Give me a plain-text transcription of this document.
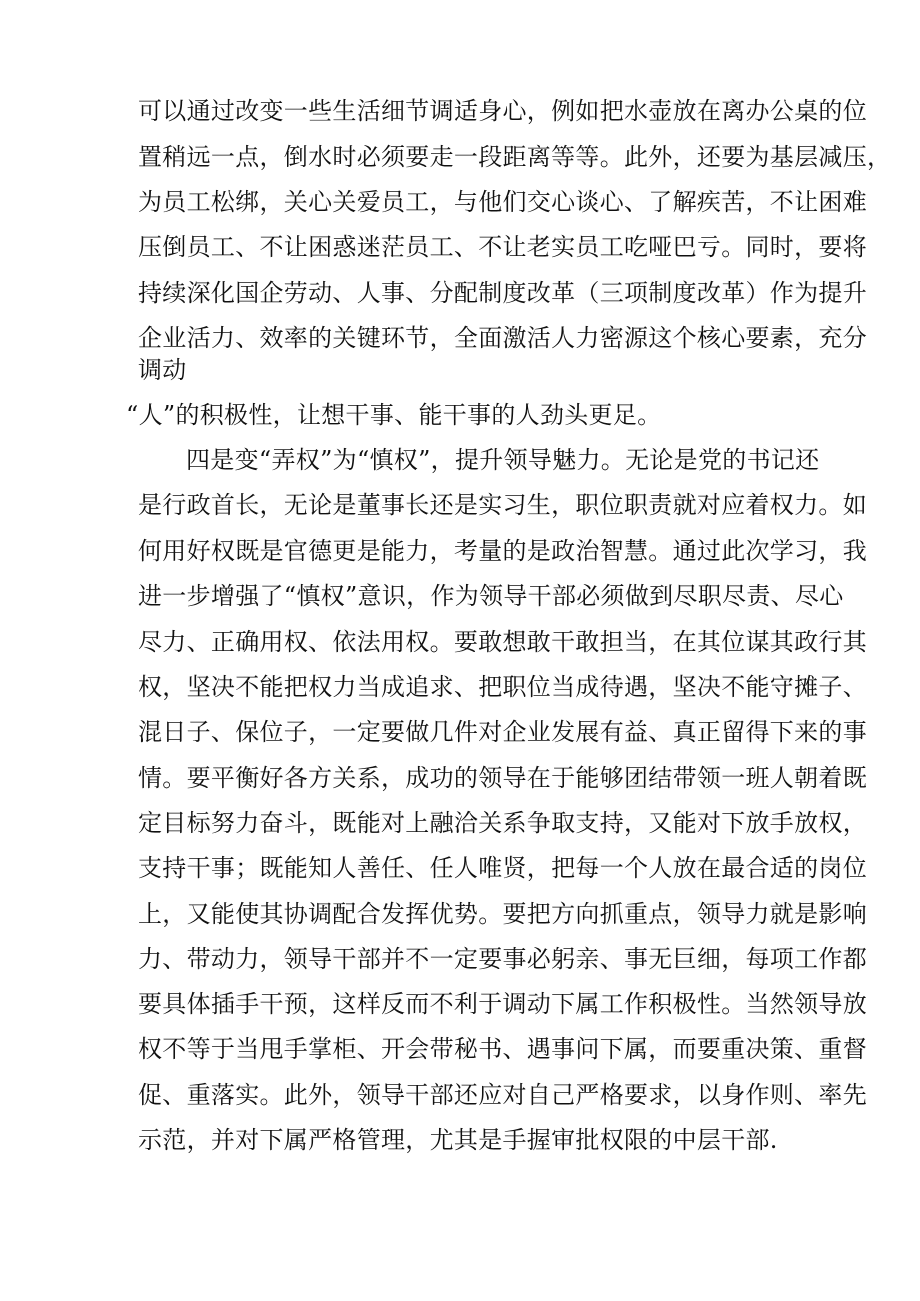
可以通过改变一些生活细节调适身心，例如把水壶放在离办公桌的位
置稍远一点，倒水时必须要走一段距离等等。此外，还要为基层减压，
为员工松绑，关心关爱员工，与他们交心谈心、了解疾苦，不让困难
压倒员工、不让困惑迷茫员工、不让老实员工吃哑巴亏。同时，要将
持续深化国企劳动、人事、分配制度改革（三项制度改革）作为提升
企业活力、效率的关键环节，全面激活人力密源这个核心要素，充分
调动
“人”的积极性，让想干事、能干事的人劲头更足。
四是变“弄权”为“慎权”，提升领导魅力。无论是党的书记还
是行政首长，无论是董事长还是实习生，职位职责就对应着权力。如
何用好权既是官德更是能力，考量的是政治智慧。通过此次学习，我
进一步增强了“慎权”意识，作为领导干部必须做到尽职尽责、尽心
尽力、正确用权、依法用权。要敢想敢干敢担当，在其位谋其政行其
权，坚决不能把权力当成追求、把职位当成待遇，坚决不能守摊子、
混日子、保位子，一定要做几件对企业发展有益、真正留得下来的事
情。要平衡好各方关系，成功的领导在于能够团结带领一班人朝着既
定目标努力奋斗，既能对上融洽关系争取支持，又能对下放手放权，
支持干事；既能知人善任、任人唯贤，把每一个人放在最合适的岗位
上，又能使其协调配合发挥优势。要把方向抓重点，领导力就是影响
力、带动力，领导干部并不一定要事必躬亲、事无巨细，每项工作都
要具体插手干预，这样反而不利于调动下属工作积极性。当然领导放
权不等于当甩手掌柜、开会带秘书、遇事问下属，而要重决策、重督
促、重落实。此外，领导干部还应对自己严格要求，以身作则、率先
示范，并对下属严格管理，尤其是手握审批权限的中层干部.
